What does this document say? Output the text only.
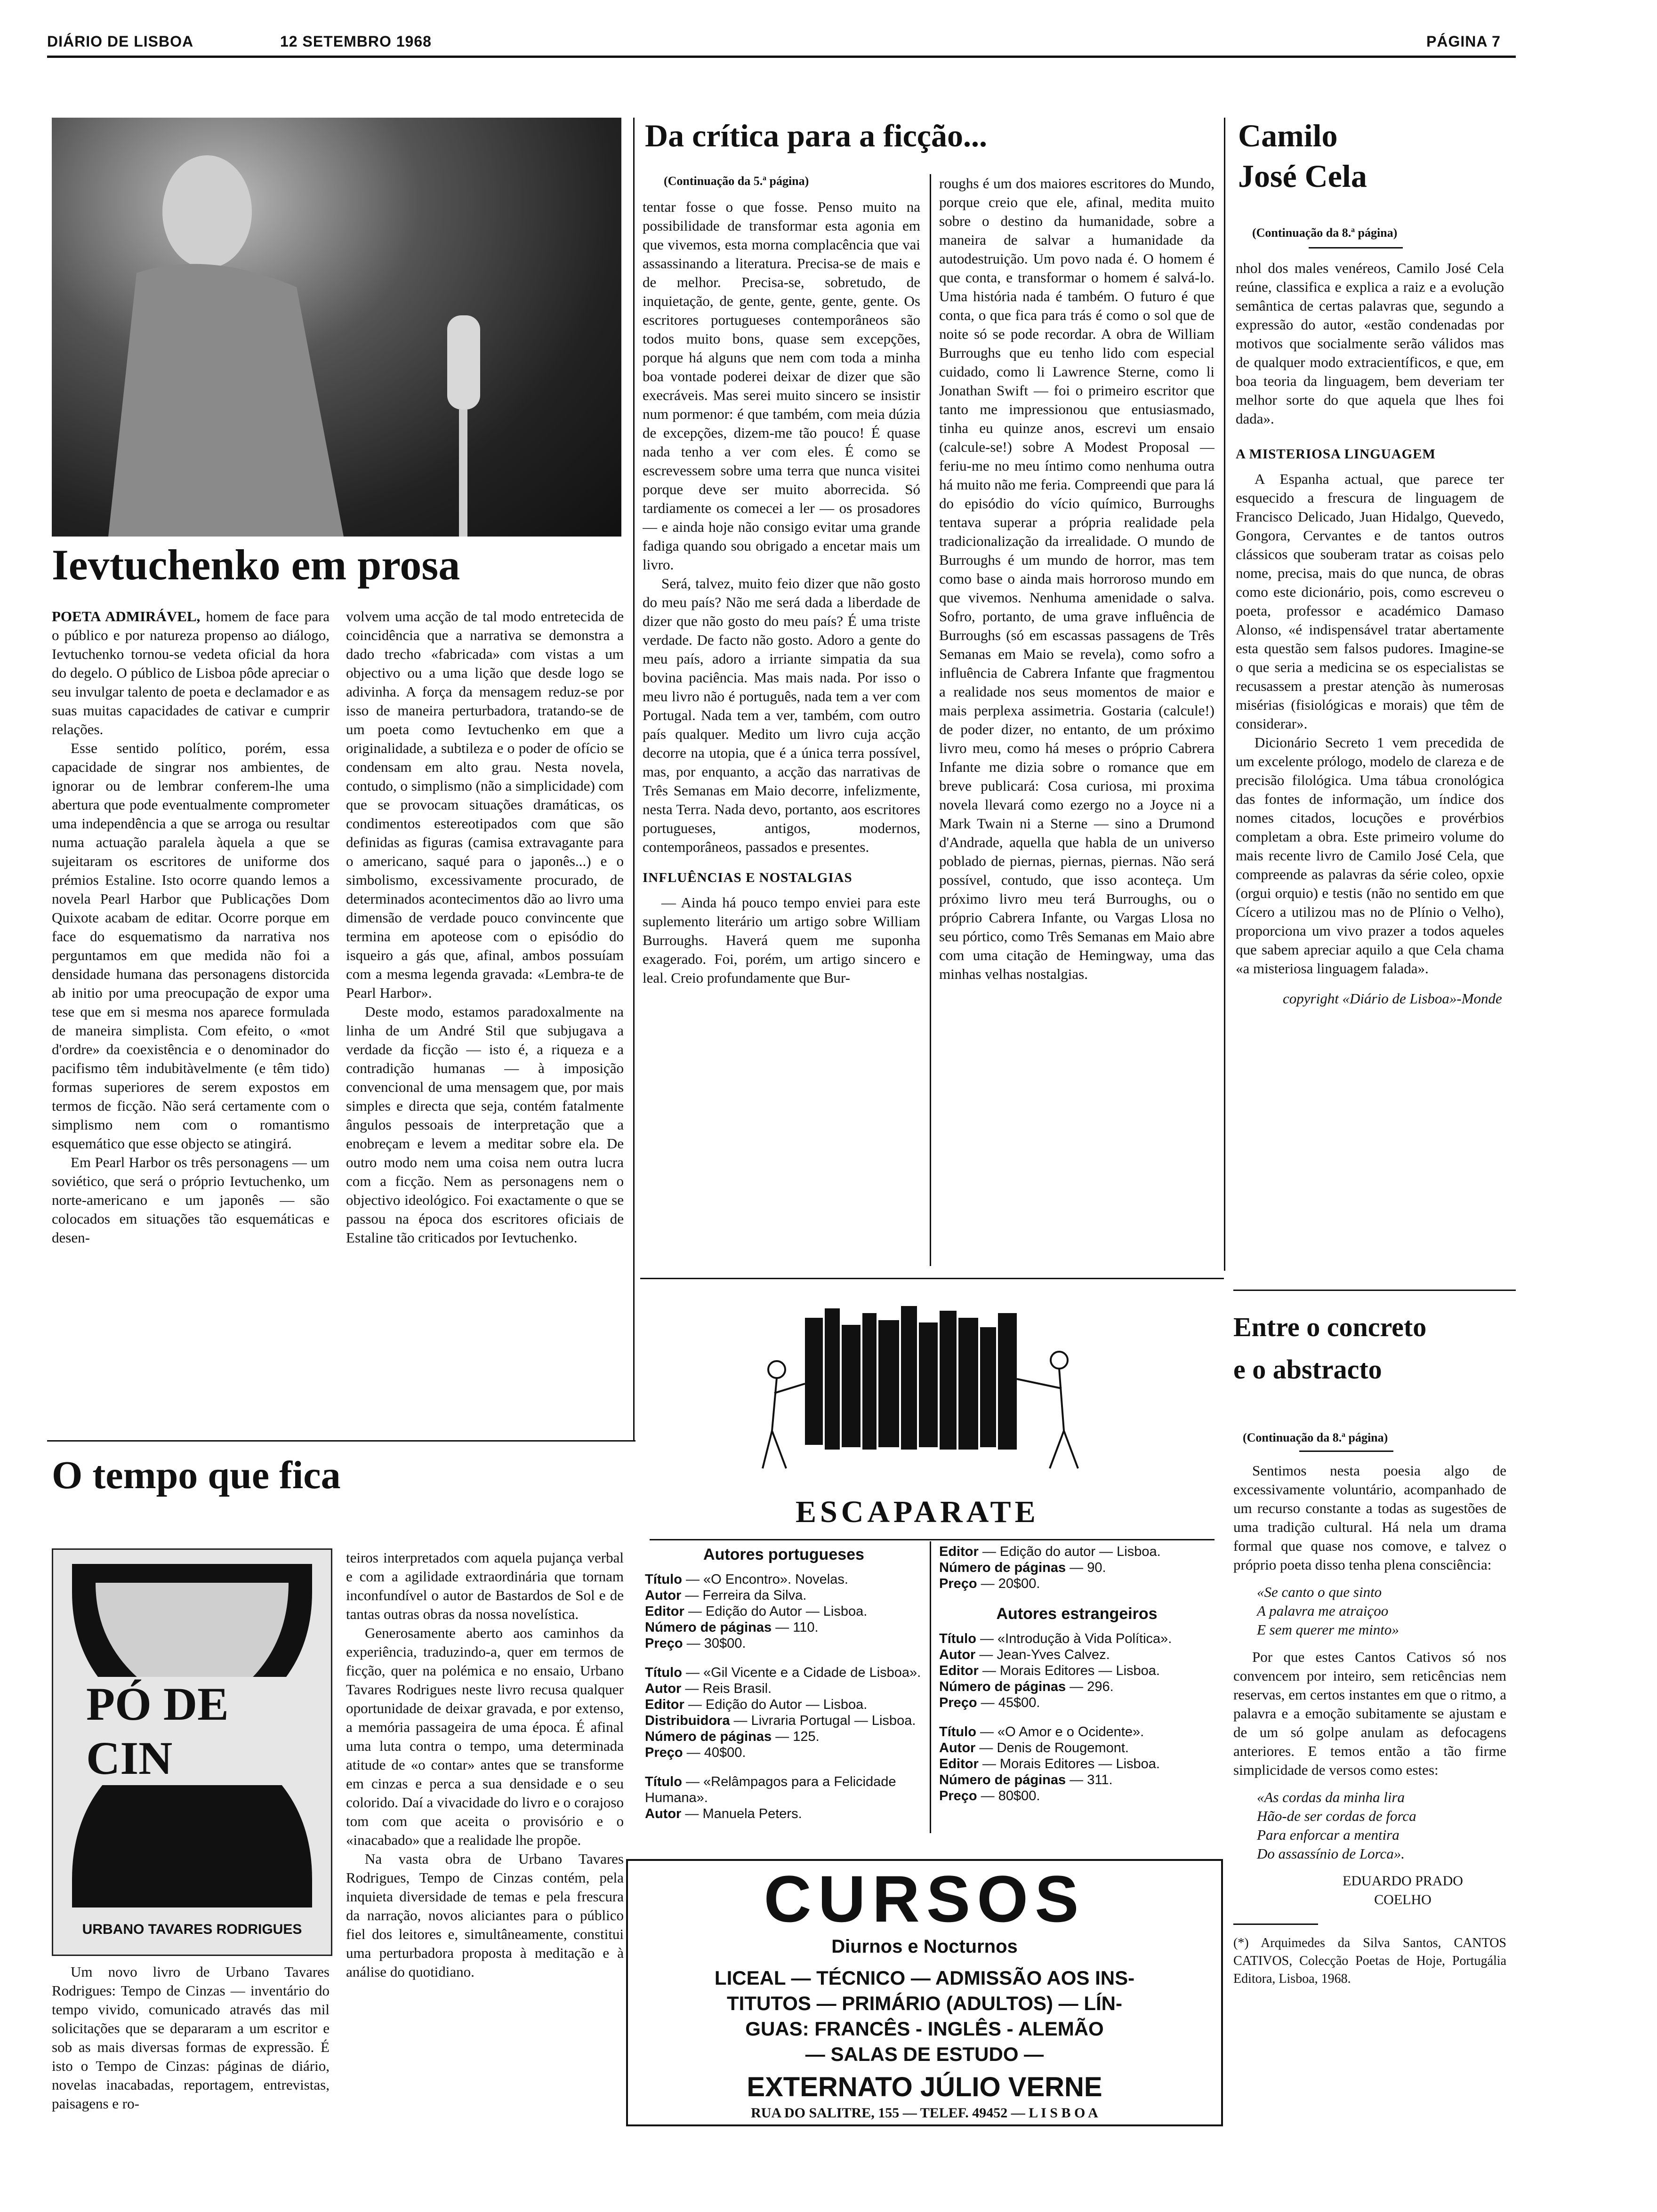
DIÁRIO DE LISBOA	12 SETEMBRO 1968	PÁGINA 7
Ievtuchenko em prosa

POETA ADMIRÁVEL, homem de face para o público e por natureza propenso ao diálogo, Ievtuchenko tornou-se vedeta oficial da hora do degelo. O público de Lisboa pôde apreciar o seu invulgar talento de poeta e declamador e as suas muitas capacidades de cativar e cumprir relações.

Esse sentido político, porém, essa capacidade de singrar nos ambientes, de ignorar ou de lembrar conferem-lhe uma abertura que pode eventualmente comprometer uma independência a que se arroga ou resultar numa actuação paralela àquela a que se sujeitaram os escritores de uniforme dos prémios Estaline. Isto ocorre quando lemos a novela Pearl Harbor que Publicações Dom Quixote acabam de editar. Ocorre porque em face do esquematismo da narrativa nos perguntamos em que medida não foi a densidade humana das personagens distorcida ab initio por uma preocupação de expor uma tese que em si mesma nos aparece formulada de maneira simplista. Com efeito, o «mot d'ordre» da coexistência e o denominador do pacifismo têm indubitàvelmente (e têm tido) formas superiores de serem expostos em termos de ficção. Não será certamente com o simplismo nem com o romantismo esquemático que esse objecto se atingirá.

Em Pearl Harbor os três personagens — um soviético, que será o próprio Ievtuchenko, um norte-americano e um japonês — são colocados em situações tão esquemáticas e desen-

volvem uma acção de tal modo entretecida de coincidência que a narrativa se demonstra a dado trecho «fabricada» com vistas a um objectivo ou a uma lição que desde logo se adivinha. A força da mensagem reduz-se por isso de maneira perturbadora, tratando-se de um poeta como Ievtuchenko em que a originalidade, a subtileza e o poder de ofício se condensam em alto grau. Nesta novela, contudo, o simplismo (não a simplicidade) com que se provocam situações dramáticas, os condimentos estereotipados com que são definidas as figuras (camisa extravagante para o americano, saqué para o japonês...) e o simbolismo, excessivamente procurado, de determinados acontecimentos dão ao livro uma dimensão de verdade pouco convincente que termina em apoteose com o episódio do isqueiro a gás que, afinal, ambos possuíam com a mesma legenda gravada: «Lembra-te de Pearl Harbor».

Deste modo, estamos paradoxalmente na linha de um André Stil que subjugava a verdade da ficção — isto é, a riqueza e a contradição humanas — à imposição convencional de uma mensagem que, por mais simples e directa que seja, contém fatalmente ângulos pessoais de interpretação que a enobreçam e levem a meditar sobre ela. De outro modo nem uma coisa nem outra lucra com a ficção. Nem as personagens nem o objectivo ideológico. Foi exactamente o que se passou na época dos escritores oficiais de Estaline tão criticados por Ievtuchenko.

Da crítica para a ficção...
(Continuação da 5.ª página)

tentar fosse o que fosse. Penso muito na possibilidade de transformar esta agonia em que vivemos, esta morna complacência que vai assassinando a literatura. Precisa-se de mais e de melhor. Precisa-se, sobretudo, de inquietação, de gente, gente, gente, gente. Os escritores portugueses contemporâneos são todos muito bons, quase sem excepções, porque há alguns que nem com toda a minha boa vontade poderei deixar de dizer que são execráveis. Mas serei muito sincero se insistir num pormenor: é que também, com meia dúzia de excepções, dizem-me tão pouco! É quase nada tenho a ver com eles. É como se escrevessem sobre uma terra que nunca visitei porque deve ser muito aborrecida. Só tardiamente os comecei a ler — os prosadores — e ainda hoje não consigo evitar uma grande fadiga quando sou obrigado a encetar mais um livro.

Será, talvez, muito feio dizer que não gosto do meu país? Não me será dada a liberdade de dizer que não gosto do meu país? É uma triste verdade. De facto não gosto. Adoro a gente do meu país, adoro a irriante simpatia da sua bovina paciência. Mas mais nada. Por isso o meu livro não é português, nada tem a ver com Portugal. Nada tem a ver, também, com outro país qualquer. Medito um livro cuja acção decorre na utopia, que é a única terra possível, mas, por enquanto, a acção das narrativas de Três Semanas em Maio decorre, infelizmente, nesta Terra. Nada devo, portanto, aos escritores portugueses, antigos, modernos, contemporâneos, passados e presentes.

INFLUÊNCIAS E NOSTALGIAS

— Ainda há pouco tempo enviei para este suplemento literário um artigo sobre William Burroughs. Haverá quem me suponha exagerado. Foi, porém, um artigo sincero e leal. Creio profundamente que Bur-

roughs é um dos maiores escritores do Mundo, porque creio que ele, afinal, medita muito sobre o destino da humanidade, sobre a maneira de salvar a humanidade da autodestruição. Um povo nada é. O homem é que conta, e transformar o homem é salvá-lo. Uma história nada é também. O futuro é que conta, o que fica para trás é como o sol que de noite só se pode recordar. A obra de William Burroughs que eu tenho lido com especial cuidado, como li Lawrence Sterne, como li Jonathan Swift — foi o primeiro escritor que tanto me impressionou que entusiasmado, tinha eu quinze anos, escrevi um ensaio (calcule-se!) sobre A Modest Proposal — feriu-me no meu íntimo como nenhuma outra há muito não me feria. Compreendi que para lá do episódio do vício químico, Burroughs tentava superar a própria realidade pela tradicionalização da irrealidade. O mundo de Burroughs é um mundo de horror, mas tem como base o ainda mais horroroso mundo em que vivemos. Nenhuma amenidade o salva. Sofro, portanto, de uma grave influência de Burroughs (só em escassas passagens de Três Semanas em Maio se revela), como sofro a influência de Cabrera Infante que fragmentou a realidade nos seus momentos de maior e mais perplexa assimetria. Gostaria (calcule!) de poder dizer, no entanto, de um próximo livro meu, como há meses o próprio Cabrera Infante me dizia sobre o romance que em breve publicará: Cosa curiosa, mi proxima novela llevará como ezergo no a Joyce ni a Mark Twain ni a Sterne — sino a Drumond d'Andrade, aquella que habla de un universo poblado de piernas, piernas, piernas. Não será possível, contudo, que isso aconteça. Um próximo livro meu terá Burroughs, ou o próprio Cabrera Infante, ou Vargas Llosa no seu pórtico, como Três Semanas em Maio abre com uma citação de Hemingway, uma das minhas velhas nostalgias.

Camilo
José Cela
(Continuação da 8.ª página)

nhol dos males venéreos, Camilo José Cela reúne, classifica e explica a raiz e a evolução semântica de certas palavras que, segundo a expressão do autor, «estão condenadas por motivos que socialmente serão válidos mas de qualquer modo extracientíficos, e que, em boa teoria da linguagem, bem deveriam ter melhor sorte do que aquela que lhes foi dada».

A MISTERIOSA LINGUAGEM

A Espanha actual, que parece ter esquecido a frescura de linguagem de Francisco Delicado, Juan Hidalgo, Quevedo, Gongora, Cervantes e de tantos outros clássicos que souberam tratar as coisas pelo nome, precisa, mais do que nunca, de obras como este dicionário, pois, como escreveu o poeta, professor e académico Damaso Alonso, «é indispensável tratar abertamente esta questão sem falsos pudores. Imagine-se o que seria a medicina se os especialistas se recusassem a prestar atenção às numerosas misérias (fisiológicas e morais) que têm de considerar».

Dicionário Secreto 1 vem precedida de um excelente prólogo, modelo de clareza e de precisão filológica. Uma tábua cronológica das fontes de informação, um índice dos nomes citados, locuções e provérbios completam a obra. Este primeiro volume do mais recente livro de Camilo José Cela, que compreende as palavras da série coleo, opxie (orgui orquio) e testis (não no sentido em que Cícero a utilizou mas no de Plínio o Velho), proporciona um vivo prazer a todos aqueles que sabem apreciar aquilo a que Cela chama «a misteriosa linguagem falada».

copyright «Diário de Lisboa»-Monde

Entre o concreto
e o abstracto
(Continuação da 8.ª página)

Sentimos nesta poesia algo de excessivamente voluntário, acompanhado de um recurso constante a todas as sugestões de uma tradição cultural. Há nela um drama formal que quase nos comove, e talvez o próprio poeta disso tenha plena consciência:

«Se canto o que sinto
A palavra me atraiçoo
E sem querer me minto»

Por que estes Cantos Cativos só nos convencem por inteiro, sem reticências nem reservas, em certos instantes em que o ritmo, a palavra e a emoção subitamente se ajustam e de um só golpe anulam as defocagens anteriores. E temos então a tão firme simplicidade de versos como estes:

«As cordas da minha lira
Hão-de ser cordas de forca
Para enforcar a mentira
Do assassínio de Lorca».
EDUARDO PRADO
COELHO

(*) Arquimedes da Silva Santos, CANTOS CATIVOS, Colecção Poetas de Hoje, Portugália Editora, Lisboa, 1968.

ESCAPARATE
Autores portugueses
Título — «O Encontro». Novelas.
Autor — Ferreira da Silva.
Editor — Edição do Autor — Lisboa.
Número de páginas — 110.
Preço — 30$00.
Título — «Gil Vicente e a Cidade de Lisboa».
Autor — Reis Brasil.
Editor — Edição do Autor — Lisboa.
Distribuidora — Livraria Portugal — Lisboa.
Número de páginas — 125.
Preço — 40$00.
Título — «Relâmpagos para a Felicidade Humana».
Autor — Manuela Peters.
Editor — Edição do autor — Lisboa.
Número de páginas — 90.
Preço — 20$00.
Autores estrangeiros
Título — «Introdução à Vida Política».
Autor — Jean-Yves Calvez.
Editor — Morais Editores — Lisboa.
Número de páginas — 296.
Preço — 45$00.
Título — «O Amor e o Ocidente».
Autor — Denis de Rougemont.
Editor — Morais Editores — Lisboa.
Número de páginas — 311.
Preço — 80$00.
CURSOS
Diurnos e Nocturnos
LICEAL — TÉCNICO — ADMISSÃO AOS INS-
TITUTOS — PRIMÁRIO (ADULTOS) — LÍN-
GUAS: FRANCÊS - INGLÊS - ALEMÃO
— SALAS DE ESTUDO —
EXTERNATO JÚLIO VERNE
RUA DO SALITRE, 155 — TELEF. 49452 — L I S B O A
O tempo que fica
PÓ DE CIN
URBANO TAVARES RODRIGUES

Um novo livro de Urbano Tavares Rodrigues: Tempo de Cinzas — inventário do tempo vivido, comunicado através das mil solicitações que se depararam a um escritor e sob as mais diversas formas de expressão. É isto o Tempo de Cinzas: páginas de diário, novelas inacabadas, reportagem, entrevistas, paisagens e ro-

teiros interpretados com aquela pujança verbal e com a agilidade extraordinária que tornam inconfundível o autor de Bastardos de Sol e de tantas outras obras da nossa novelística.

Generosamente aberto aos caminhos da experiência, traduzindo-a, quer em termos de ficção, quer na polémica e no ensaio, Urbano Tavares Rodrigues neste livro recusa qualquer oportunidade de deixar gravada, e por extenso, a memória passageira de uma época. É afinal uma luta contra o tempo, uma determinada atitude de «o contar» antes que se transforme em cinzas e perca a sua densidade e o seu colorido. Daí a vivacidade do livro e o corajoso tom com que aceita o provisório e o «inacabado» que a realidade lhe propõe.

Na vasta obra de Urbano Tavares Rodrigues, Tempo de Cinzas contém, pela inquieta diversidade de temas e pela frescura da narração, novos aliciantes para o público fiel dos leitores e, simultâneamente, constitui uma perturbadora proposta à meditação e à análise do quotidiano.
